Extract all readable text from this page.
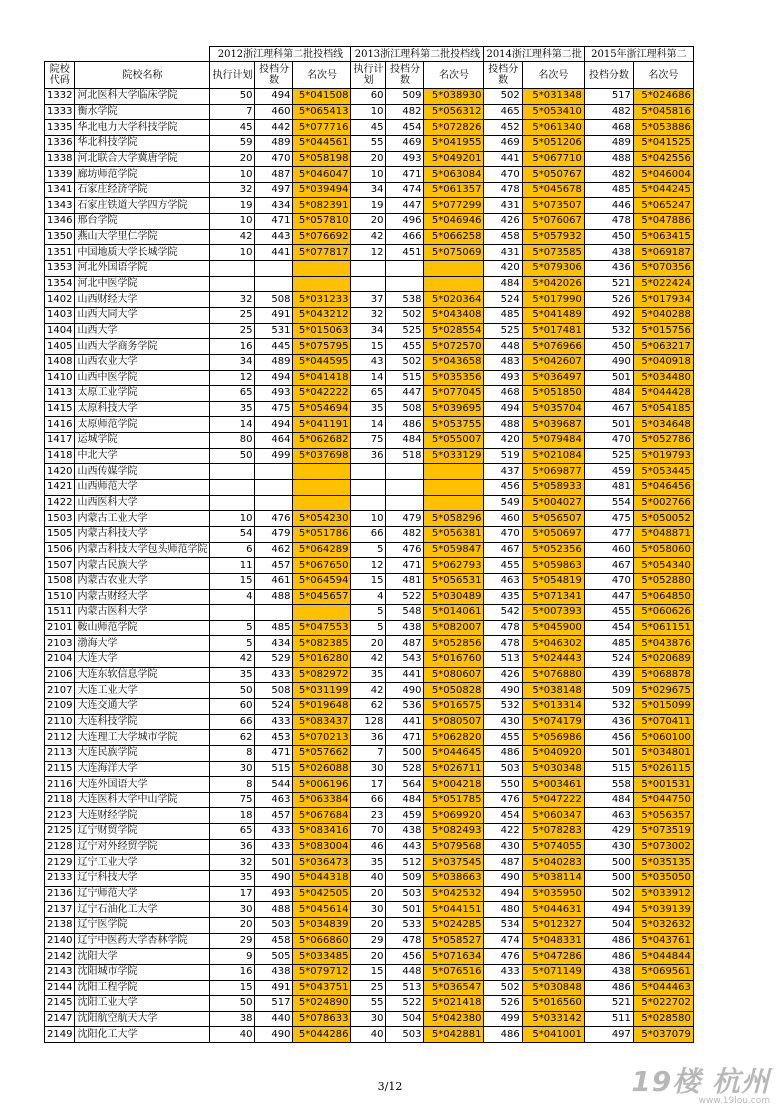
		2012浙江理科第二批投档线			2013浙江理科第二批投档线			2014浙江理科第二批		2015年浙江理科第二	
院校代码	院校名称	执行计划	投档分数	名次号	执行计划	投档分数	名次号	投档分数	名次号	投档分数	名次号
1332	河北医科大学临床学院	50	494	5*041508	60	509	5*038930	502	5*031348	517	5*024686
1333	衡水学院	7	460	5*065413	10	482	5*056312	465	5*053410	482	5*045816
1335	华北电力大学科技学院	45	442	5*077716	45	454	5*072826	452	5*061340	468	5*053886
1336	华北科技学院	59	489	5*044561	55	469	5*041955	469	5*051206	489	5*041525
1338	河北联合大学冀唐学院	20	470	5*058198	20	493	5*049201	441	5*067710	488	5*042556
1339	廊坊师范学院	10	487	5*046047	10	471	5*063084	470	5*050767	482	5*046004
1341	石家庄经济学院	32	497	5*039494	34	474	5*061357	478	5*045678	485	5*044245
1343	石家庄铁道大学四方学院	19	434	5*082391	19	447	5*077299	431	5*073507	446	5*065247
1346	邢台学院	10	471	5*057810	20	496	5*046946	426	5*076067	478	5*047886
1350	燕山大学里仁学院	42	443	5*076692	42	466	5*066258	458	5*057932	450	5*063415
1351	中国地质大学长城学院	10	441	5*077817	12	451	5*075069	431	5*073585	438	5*069187
1353	河北外国语学院							420	5*079306	436	5*070356
1354	河北中医学院							484	5*042026	521	5*022424
1402	山西财经大学	32	508	5*031233	37	538	5*020364	524	5*017990	526	5*017934
1403	山西大同大学	25	491	5*043212	32	502	5*043408	485	5*041489	492	5*040288
1404	山西大学	25	531	5*015063	34	525	5*028554	525	5*017481	532	5*015756
1405	山西大学商务学院	16	445	5*075795	15	455	5*072570	448	5*076966	450	5*063217
1408	山西农业大学	34	489	5*044595	43	502	5*043658	483	5*042607	490	5*040918
1410	山西中医学院	12	494	5*041418	14	515	5*035356	493	5*036497	501	5*034480
1413	太原工业学院	65	493	5*042222	65	447	5*077045	468	5*051850	484	5*044428
1415	太原科技大学	35	475	5*054694	35	508	5*039695	494	5*035704	467	5*054185
1416	太原师范学院	14	494	5*041191	14	486	5*053755	488	5*039687	501	5*034648
1417	运城学院	80	464	5*062682	75	484	5*055007	420	5*079484	470	5*052786
1418	中北大学	50	499	5*037698	36	518	5*033129	519	5*021084	525	5*019793
1420	山西传媒学院							437	5*069877	459	5*053445
1421	山西师范大学							456	5*058933	481	5*046456
1422	山西医科大学							549	5*004027	554	5*002766
1503	内蒙古工业大学	10	476	5*054230	10	479	5*058296	460	5*056507	475	5*050052
1505	内蒙古科技大学	54	479	5*051786	66	482	5*056381	470	5*050697	477	5*048871
1506	内蒙古科技大学包头师范学院	6	462	5*064289	5	476	5*059847	467	5*052356	460	5*058060
1507	内蒙古民族大学	11	457	5*067650	12	471	5*062793	455	5*059863	467	5*054340
1508	内蒙古农业大学	15	461	5*064594	15	481	5*056531	463	5*054819	470	5*052880
1510	内蒙古财经大学	4	488	5*045657	4	522	5*030489	435	5*071341	447	5*064850
1511	内蒙古医科大学				5	548	5*014061	542	5*007393	455	5*060626
2101	鞍山师范学院	5	485	5*047553	5	438	5*082007	478	5*045900	454	5*061151
2103	渤海大学	5	434	5*082385	20	487	5*052856	478	5*046302	485	5*043876
2104	大连大学	42	529	5*016280	42	543	5*016760	513	5*024443	524	5*020689
2106	大连东软信息学院	35	433	5*082972	35	441	5*080607	426	5*076880	439	5*068878
2107	大连工业大学	50	508	5*031199	42	490	5*050828	490	5*038148	509	5*029675
2109	大连交通大学	60	524	5*019648	62	536	5*016575	532	5*013314	532	5*015099
2110	大连科技学院	66	433	5*083437	128	441	5*080507	430	5*074179	436	5*070411
2112	大连理工大学城市学院	62	453	5*070213	36	471	5*062820	455	5*056986	456	5*060100
2113	大连民族学院	8	471	5*057662	7	500	5*044645	486	5*040920	501	5*034801
2115	大连海洋大学	30	515	5*026088	30	528	5*026711	503	5*030348	515	5*026115
2116	大连外国语大学	8	544	5*006196	17	564	5*004218	550	5*003461	558	5*001531
2118	大连医科大学中山学院	75	463	5*063384	66	484	5*051785	476	5*047222	484	5*044750
2123	大连财经学院	18	457	5*067684	23	459	5*069920	454	5*060347	463	5*056357
2125	辽宁财贸学院	65	433	5*083416	70	438	5*082493	422	5*078283	429	5*073519
2128	辽宁对外经贸学院	36	433	5*083004	46	443	5*079568	430	5*074055	430	5*073002
2129	辽宁工业大学	32	501	5*036473	35	512	5*037545	487	5*040283	500	5*035135
2133	辽宁科技大学	35	490	5*044318	40	509	5*038663	490	5*038114	500	5*035050
2136	辽宁师范大学	17	493	5*042505	20	503	5*042532	494	5*035950	502	5*033912
2137	辽宁石油化工大学	30	488	5*045614	30	501	5*044151	480	5*044631	494	5*039139
2138	辽宁医学院	20	503	5*034839	20	533	5*024285	534	5*012327	504	5*032632
2140	辽宁中医药大学杏林学院	29	458	5*066860	29	478	5*058527	474	5*048331	486	5*043761
2142	沈阳大学	9	505	5*033485	20	456	5*071634	476	5*047286	486	5*044844
2143	沈阳城市学院	16	438	5*079712	15	448	5*076516	433	5*071149	438	5*069561
2144	沈阳工程学院	15	491	5*043751	25	513	5*036547	502	5*030848	486	5*044463
2145	沈阳工业大学	50	517	5*024890	55	522	5*021418	526	5*016560	521	5*022702
2147	沈阳航空航天大学	38	440	5*078633	30	504	5*042380	499	5*033142	511	5*028580
2149	沈阳化工大学	40	490	5*044286	40	503	5*042881	486	5*041001	497	5*037079
3/12	19楼 杭州
www.19lou.com
